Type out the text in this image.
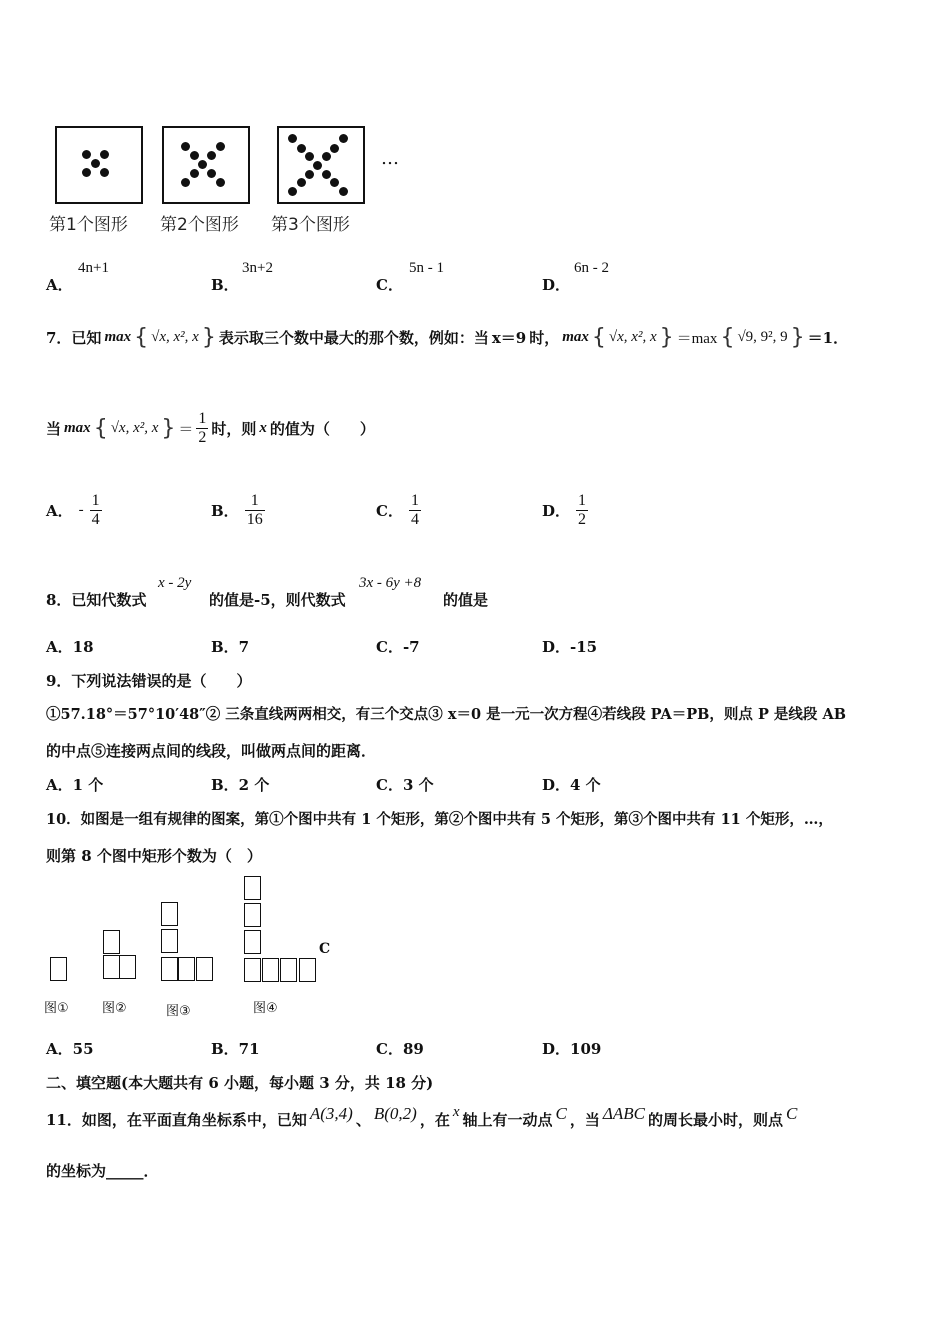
…
第1个图形 第2个图形 第3个图形
A．
4n+1
B．
3n+2
C．
5n - 1
D．
6n - 2
7．已知 max { √x, x², x } 表示取三个数中最大的那个数，例如：当 x＝9 时， max { √x, x², x } ＝max { √9, 9², 9 } ＝1．
当 max { √x, x², x } ＝ $\frac{1}{2}$ 时，则 x 的值为（　　）
A． - $\frac{1}{4}$	B． $\frac{1}{16}$	C． $\frac{1}{4}$	D． $\frac{1}{2}$
8．已知代数式
x - 2y
的值是-5，则代数式
3x - 6y +8
的值是
A．18	B．7	C．-7	D．-15
9．下列说法错误的是（　　）
①57.18°＝57°10′48″② 三条直线两两相交，有三个交点③ x＝0 是一元一次方程④若线段 PA＝PB，则点 P 是线段 AB
的中点⑤连接两点间的线段，叫做两点间的距离．
A．1 个	B．2 个	C．3 个	D．4 个
10．如图是一组有规律的图案，第①个图中共有 1 个矩形，第②个图中共有 5 个矩形，第③个图中共有 11 个矩形，…，
则第 8 个图中矩形个数为（　）
C
图①	图②	图③	图④
A．55	B．71	C．89	D．109
二、填空题(本大题共有 6 小题，每小题 3 分，共 18 分)
11．如图，在平面直角坐标系中，已知 A(3,4) 、 B(0,2) ，在 x 轴上有一动点 C ，当 ΔABC 的周长最小时，则点 C
的坐标为_____．
